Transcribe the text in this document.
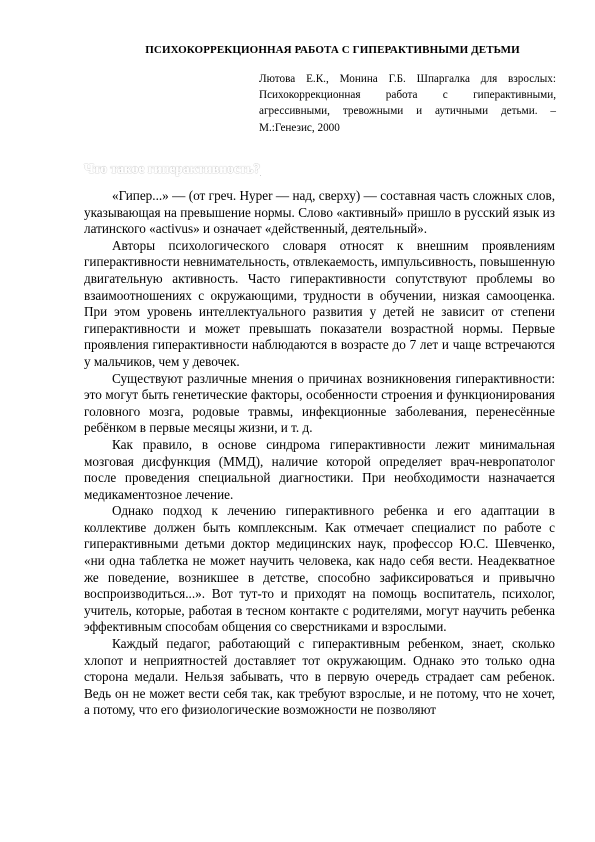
ПСИХОКОРРЕКЦИОННАЯ РАБОТА С ГИПЕРАКТИВНЫМИ ДЕТЬМИ
Лютова Е.К., Монина Г.Б. Шпаргалка для взрослых: Психокоррекционная работа с гиперактивными, агрессивными, тревожными и аутичными детьми. – М.:Генезис, 2000
Что такое гиперактивность?

«Гипер...» — (от греч. Hyper — над, сверху) — составная часть сложных слов, указывающая на превышение нормы. Слово «активный» пришло в русский язык из латинского «activus» и означает «действенный, деятельный».

Авторы психологического словаря относят к внешним проявлениям гиперактивности невнимательность, отвлекаемость, импульсивность, повышенную двигательную активность. Часто гиперактивности сопутствуют проблемы во взаимоотношениях с окружающими, трудности в обучении, низкая самооценка. При этом уровень интеллектуального развития у детей не зависит от степени гиперактивности и может превышать показатели возрастной нормы. Первые проявления гиперактивности наблюдаются в возрасте до 7 лет и чаще встречаются у мальчиков, чем у девочек.

Существуют различные мнения о причинах возникновения гиперактивности: это могут быть генетические факторы, особенности строения и функционирования головного мозга, родовые травмы, инфекционные заболевания, перенесённые ребёнком в первые месяцы жизни, и т. д.

Как правило, в основе синдрома гиперактивности лежит минимальная мозговая дисфункция (ММД), наличие которой определяет врач-невропатолог после проведения специальной диагностики. При необходимости назначается медикаментозное лечение.

Однако подход к лечению гиперактивного ребенка и его адаптации в коллективе должен быть комплексным. Как отмечает специалист по работе с гиперактивными детьми доктор медицинских наук, профессор Ю.С. Шевченко, «ни одна таблетка не может научить человека, как надо себя вести. Неадекватное же поведение, возникшее в детстве, способно зафиксироваться и привычно воспроизводиться...». Вот тут-то и приходят на помощь воспитатель, психолог, учитель, которые, работая в тесном контакте с родителями, могут научить ребенка эффективным способам общения со сверстниками и взрослыми.

Каждый педагог, работающий с гиперактивным ребенком, знает, сколько хлопот и неприятностей доставляет тот окружающим. Однако это только одна сторона медали. Нельзя забывать, что в первую очередь страдает сам ребенок. Ведь он не может вести себя так, как требуют взрослые, и не потому, что не хочет, а потому, что его физиологические возможности не позволяют
